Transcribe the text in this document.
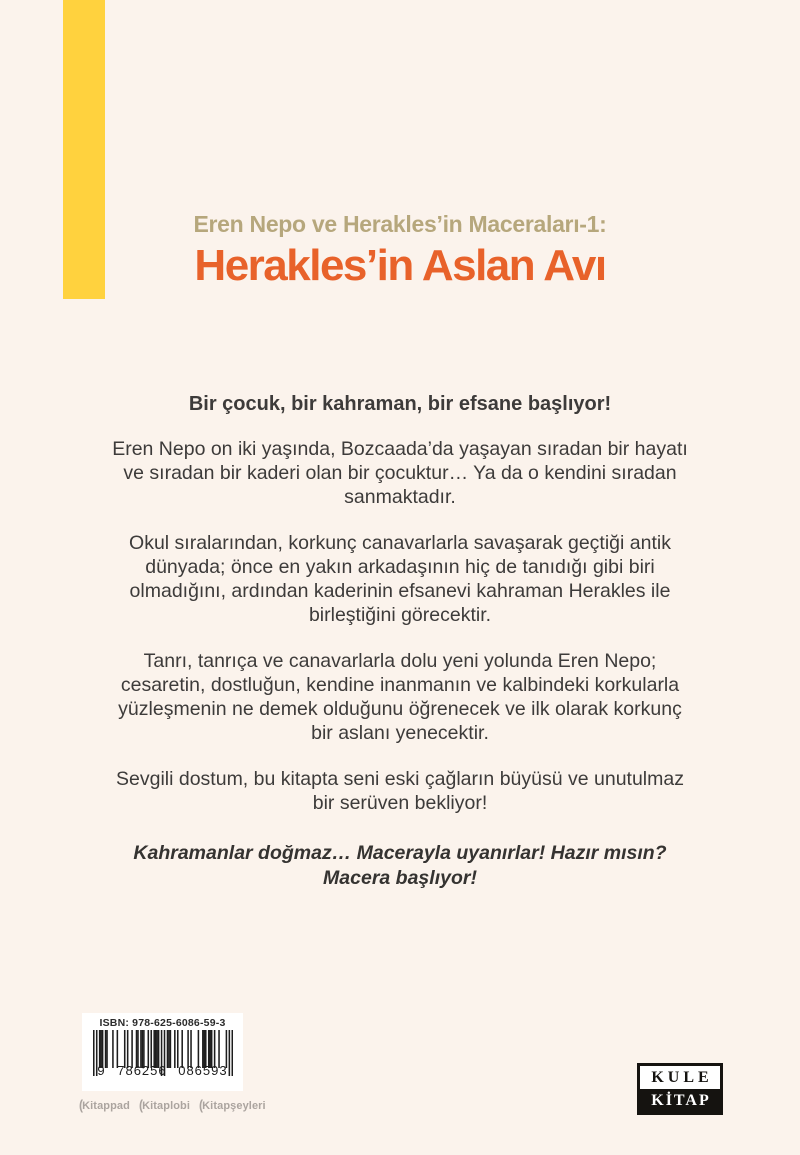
Eren Nepo ve Herakles’in Maceraları-1:
Herakles’in Aslan Avı

Bir çocuk, bir kahraman, bir efsane başlıyor!

Eren Nepo on iki yaşında, Bozcaada’da yaşayan sıradan bir hayatı ve sıradan bir kaderi olan bir çocuktur… Ya da o kendini sıradan sanmaktadır.

Okul sıralarından, korkunç canavarlarla savaşarak geçtiği antik dünyada; önce en yakın arkadaşının hiç de tanıdığı gibi biri olmadığını, ardından kaderinin efsanevi kahraman Herakles ile birleştiğini görecektir.

Tanrı, tanrıça ve canavarlarla dolu yeni yolunda Eren Nepo; cesaretin, dostluğun, kendine inanmanın ve kalbindeki korkularla yüzleşmenin ne demek olduğunu öğrenecek ve ilk olarak korkunç bir aslanı yenecektir.

Sevgili dostum, bu kitapta seni eski çağların büyüsü ve unutulmaz bir serüven bekliyor!

Kahramanlar doğmaz… Macerayla uyanırlar! Hazır mısın?
Macera başlıyor!
ISBN: 978-625-6086-59-3
9 786256 086593
( Kitappad ( Kitaplobi ( Kitapşeyleri
KULE
KİTAP
